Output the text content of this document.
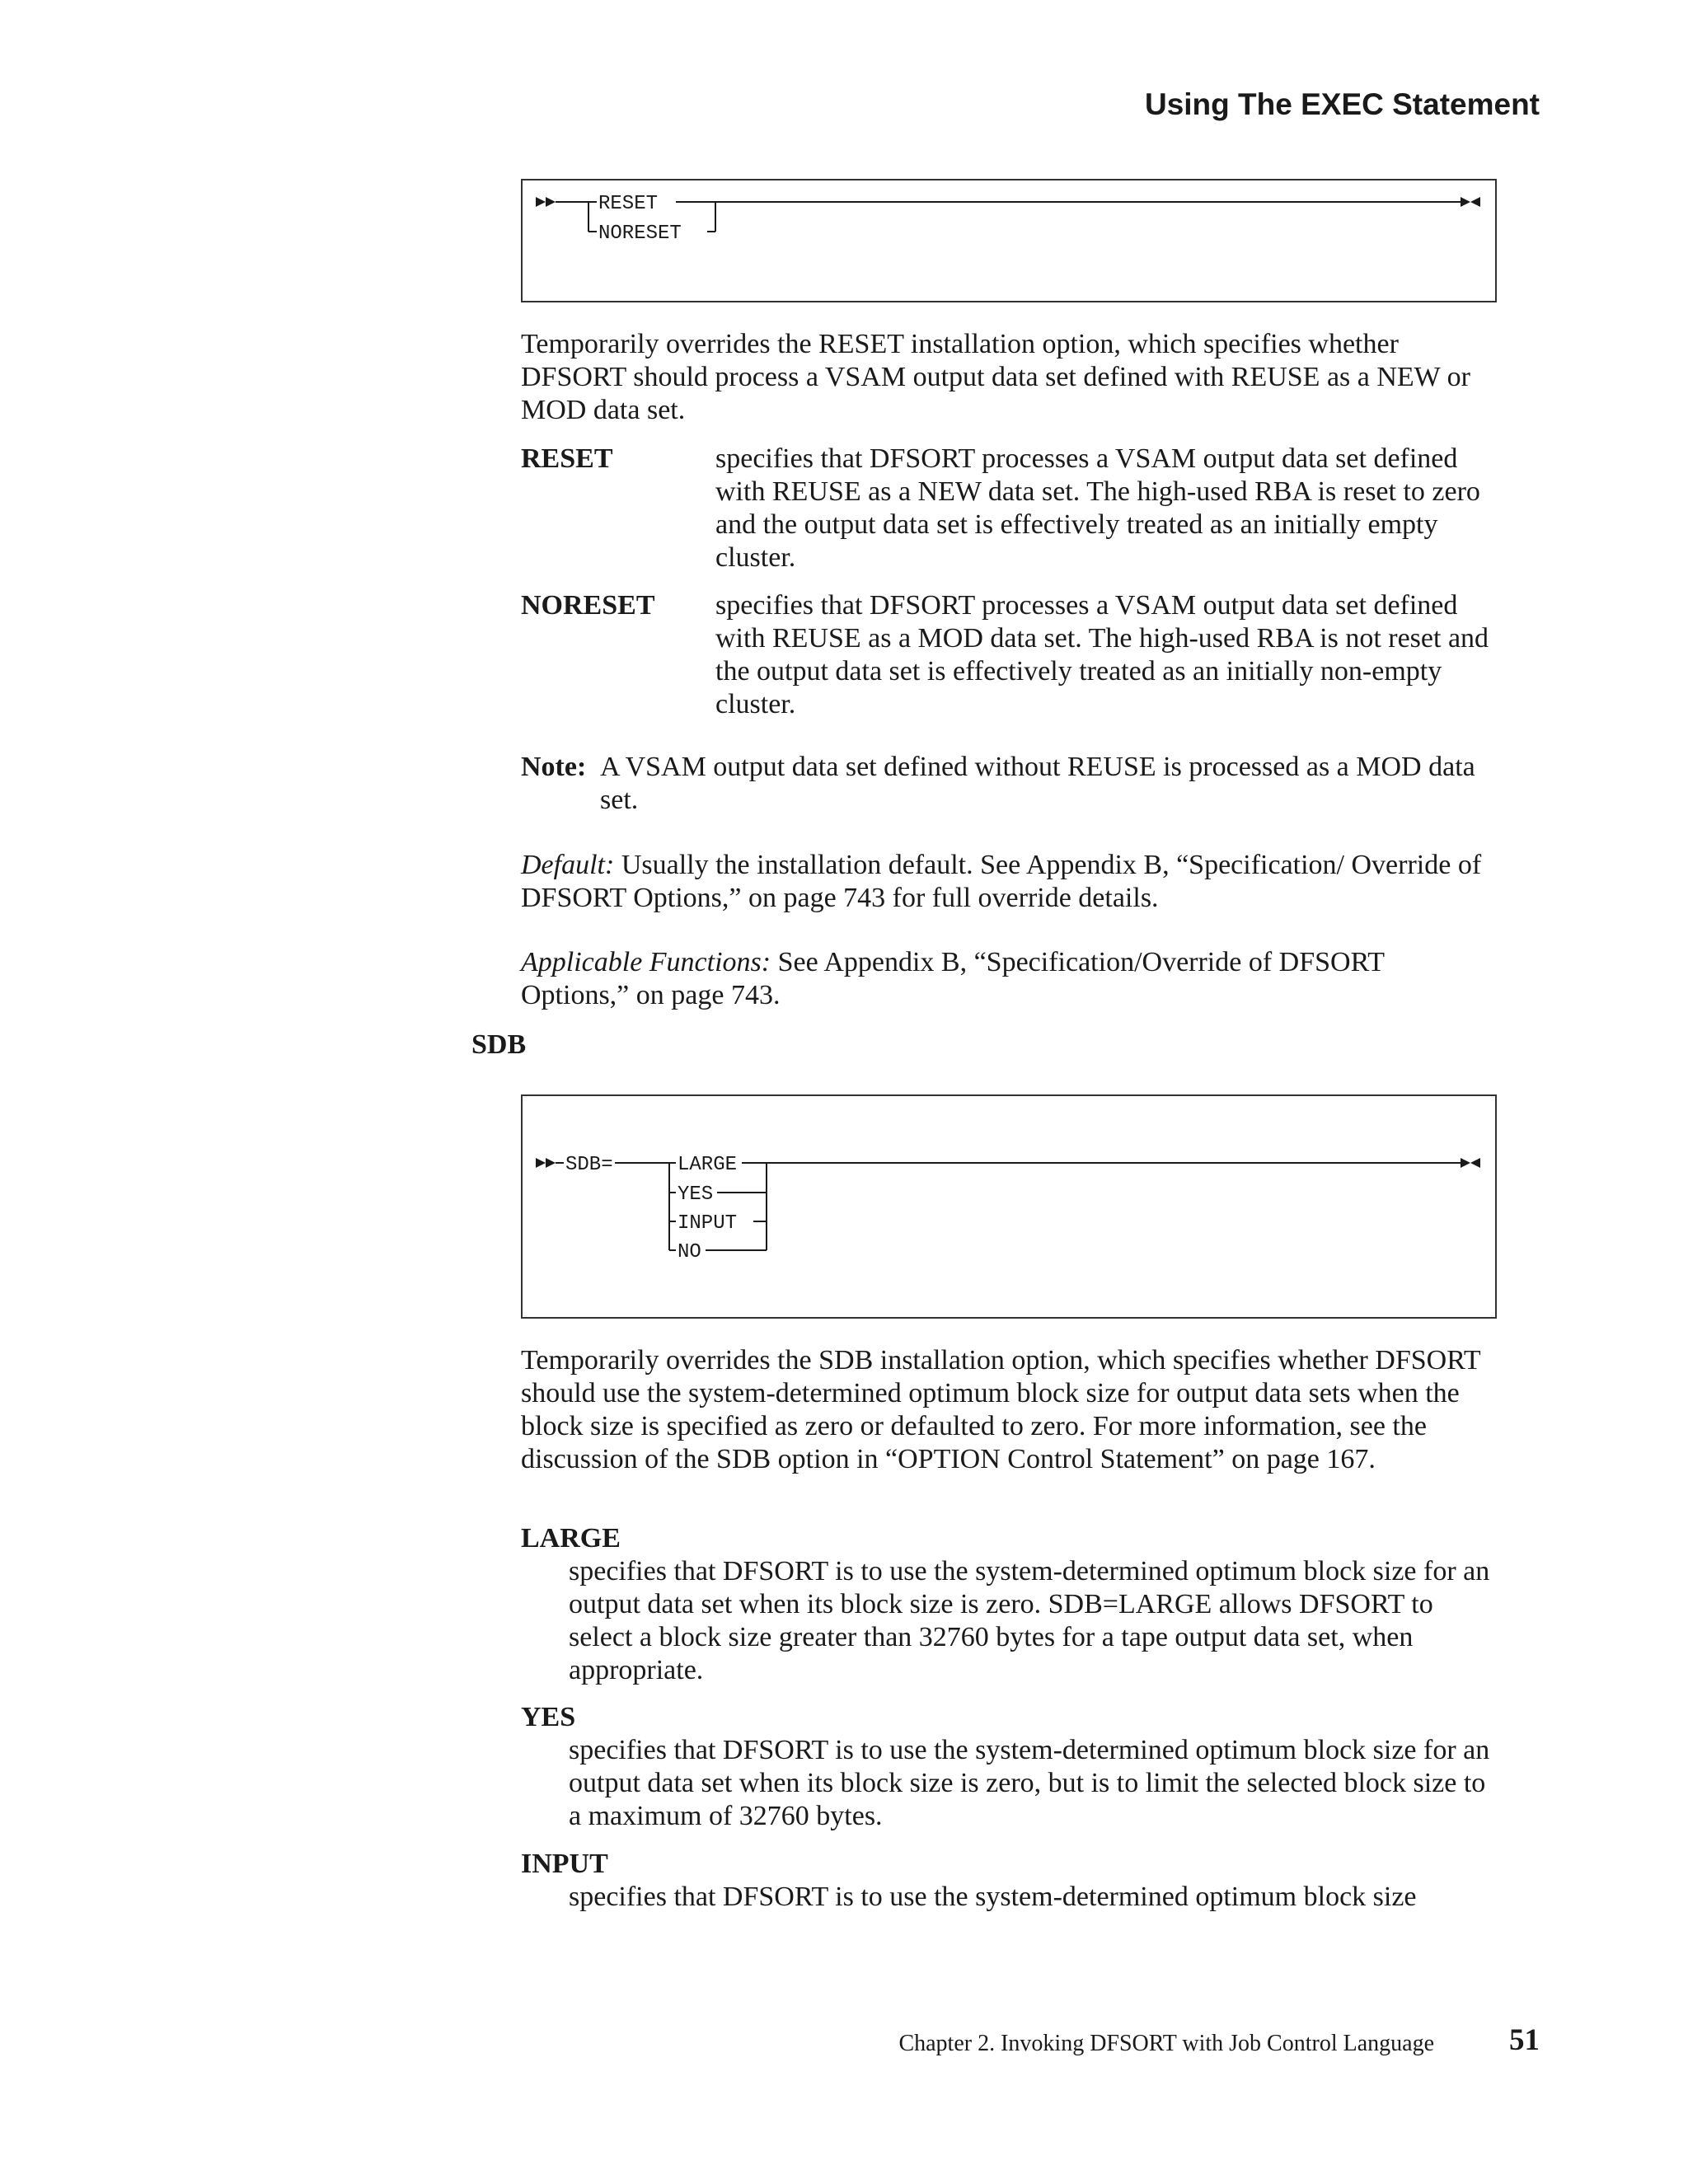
Using The EXEC Statement
RESET
NORESET

Temporarily overrides the RESET installation option, which specifies whether DFSORT should process a VSAM output data set defined with REUSE as a NEW or MOD data set.

RESET	specifies that DFSORT processes a VSAM output data set defined with REUSE as a NEW data set. The high-used RBA is reset to zero and the output data set is effectively treated as an initially empty cluster.

NORESET specifies that DFSORT processes a VSAM output data set defined with REUSE as a MOD data set. The high-used RBA is not reset and the output data set is effectively treated as an initially non-empty cluster.

Note: A VSAM output data set defined without REUSE is processed as a MOD data set.

Default: Usually the installation default. See Appendix B, “Specification/ Override of DFSORT Options,” on page 743 for full override details.

Applicable Functions: See Appendix B, “Specification/Override of DFSORT Options,” on page 743.

SDB
SDB=	LARGE
YES
INPUT
NO

Temporarily overrides the SDB installation option, which specifies whether DFSORT should use the system-determined optimum block size for output data sets when the block size is specified as zero or defaulted to zero. For more information, see the discussion of the SDB option in “OPTION Control Statement” on page 167.

LARGE

specifies that DFSORT is to use the system-determined optimum block size for an output data set when its block size is zero. SDB=LARGE allows DFSORT to select a block size greater than 32760 bytes for a tape output data set, when appropriate.

YES

specifies that DFSORT is to use the system-determined optimum block size for an output data set when its block size is zero, but is to limit the selected block size to a maximum of 32760 bytes.

INPUT

specifies that DFSORT is to use the system-determined optimum block size

Chapter 2. Invoking DFSORT with Job Control Language 51
